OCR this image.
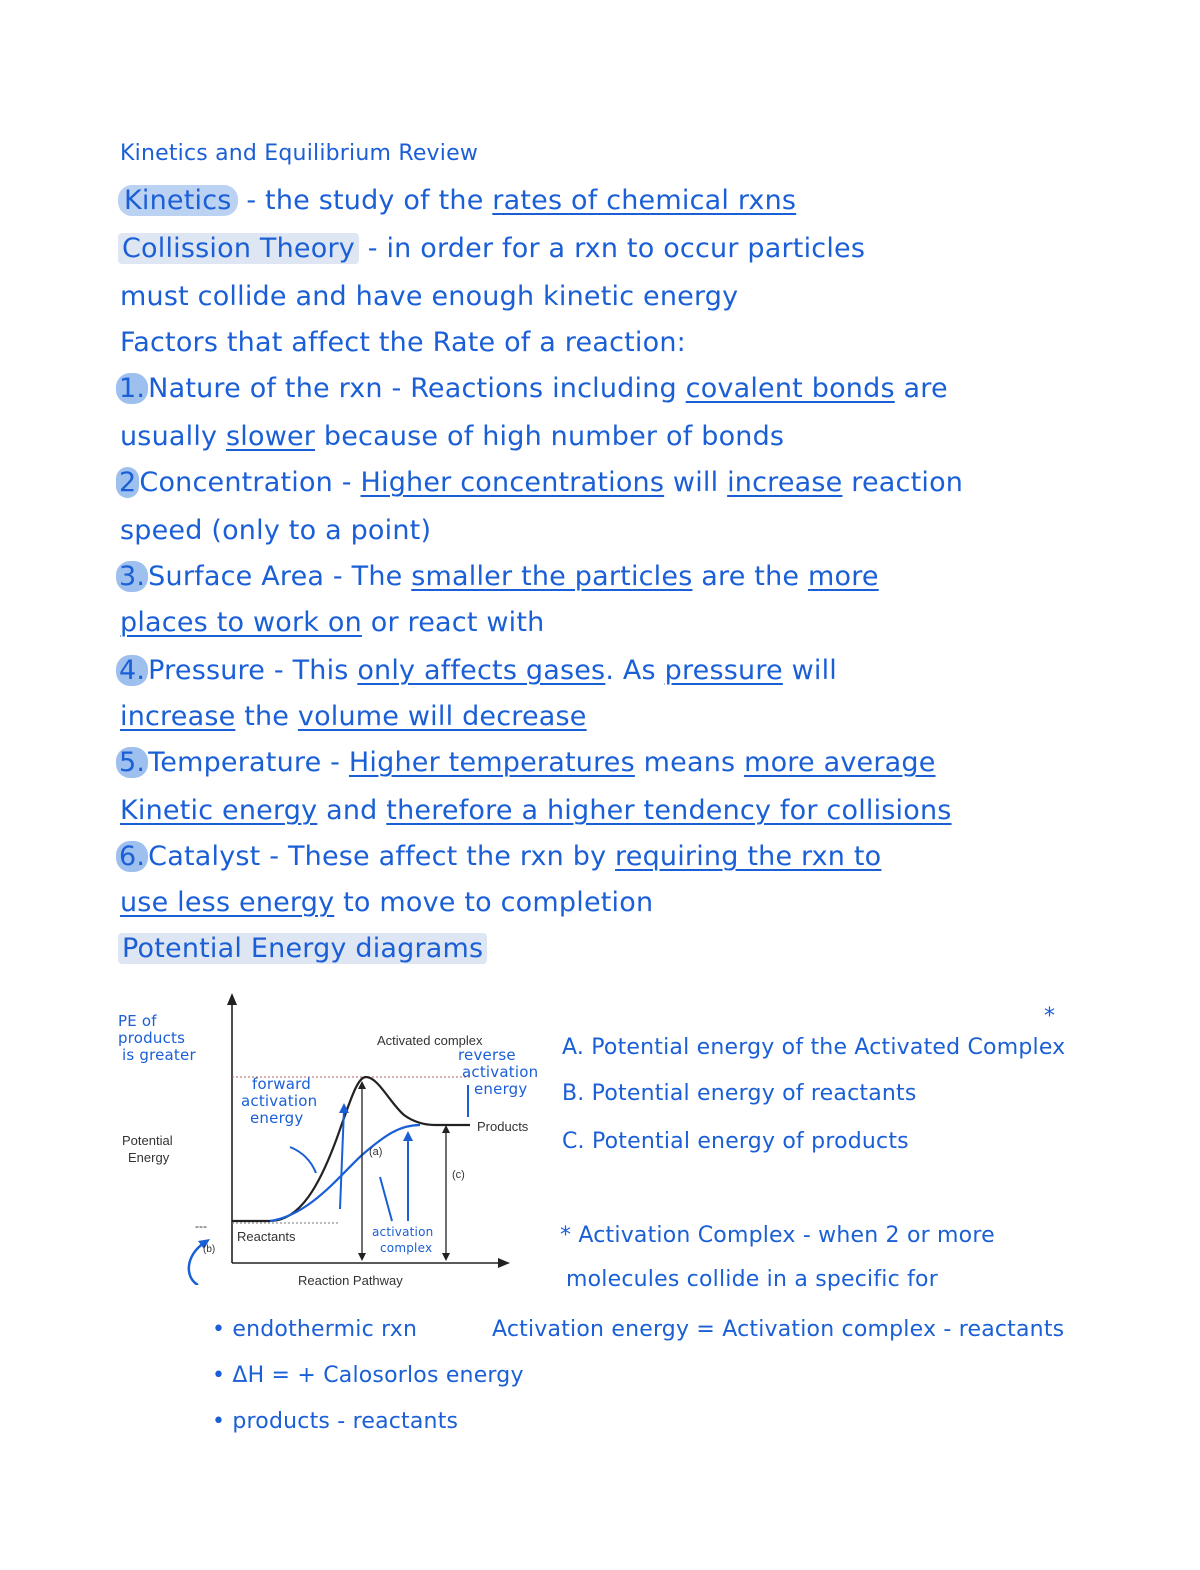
Kinetics and Equilibrium Review
Kinetics - the study of the rates of chemical rxns
Collission Theory - in order for a rxn to occur particles
must collide and have enough kinetic energy
Factors that affect the Rate of a reaction:
1. Nature of the rxn - Reactions including covalent bonds are
usually slower because of high number of bonds
2 Concentration - Higher concentrations will increase reaction
speed (only to a point)
3. Surface Area - The smaller the particles are the more
places to work on or react with
4. Pressure - This only affects gases. As pressure will
increase the volume will decrease
5. Temperature - Higher temperatures means more average
Kinetic energy and therefore a higher tendency for collisions
6. Catalyst - These affect the rxn by requiring the rxn to
use less energy to move to completion
Potential Energy diagrams
Activated complex
Products
Reactants
Potential
Energy
Reaction Pathway
(a)
(b)
(c)
---
PE of
products
is greater
forward
activation
energy
reverse
activation
energy
activation
complex
A. Potential energy of the Activated Complex
*
B. Potential energy of reactants
C. Potential energy of products
* Activation Complex - when 2 or more
molecules collide in a specific for
• endothermic rxn	Activation energy = Activation complex - reactants
• ΔH = + Calosorlos energy
• products - reactants
